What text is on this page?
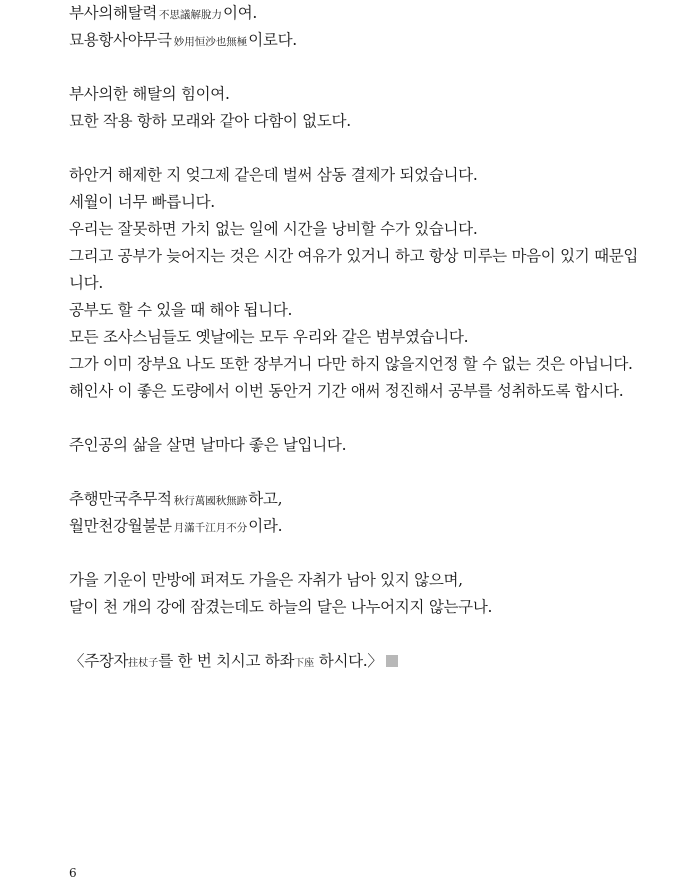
부사의해탈력 不思議解脫力이여.
묘용항사야무극 妙用恒沙也無極이로다.
부사의한 해탈의 힘이여.
묘한 작용 항하 모래와 같아 다함이 없도다.
하안거 해제한 지 엊그제 같은데 벌써 삼동 결제가 되었습니다.
세월이 너무 빠릅니다.
우리는 잘못하면 가치 없는 일에 시간을 낭비할 수가 있습니다.
그리고 공부가 늦어지는 것은 시간 여유가 있거니 하고 항상 미루는 마음이 있기 때문입
니다.
공부도 할 수 있을 때 해야 됩니다.
모든 조사스님들도 옛날에는 모두 우리와 같은 범부였습니다.
그가 이미 장부요 나도 또한 장부거니 다만 하지 않을지언정 할 수 없는 것은 아닙니다.
해인사 이 좋은 도량에서 이번 동안거 기간 애써 정진해서 공부를 성취하도록 합시다.
주인공의 삶을 살면 날마다 좋은 날입니다.
추행만국추무적 秋行萬國秋無跡하고,
월만천강월불분 月滿千江月不分이라.
가을 기운이 만방에 퍼져도 가을은 자취가 남아 있지 않으며,
달이 천 개의 강에 잠겼는데도 하늘의 달은 나누어지지 않는구나.
〈주장자拄杖子를 한 번 치시고 하좌下座 하시다.〉
6
